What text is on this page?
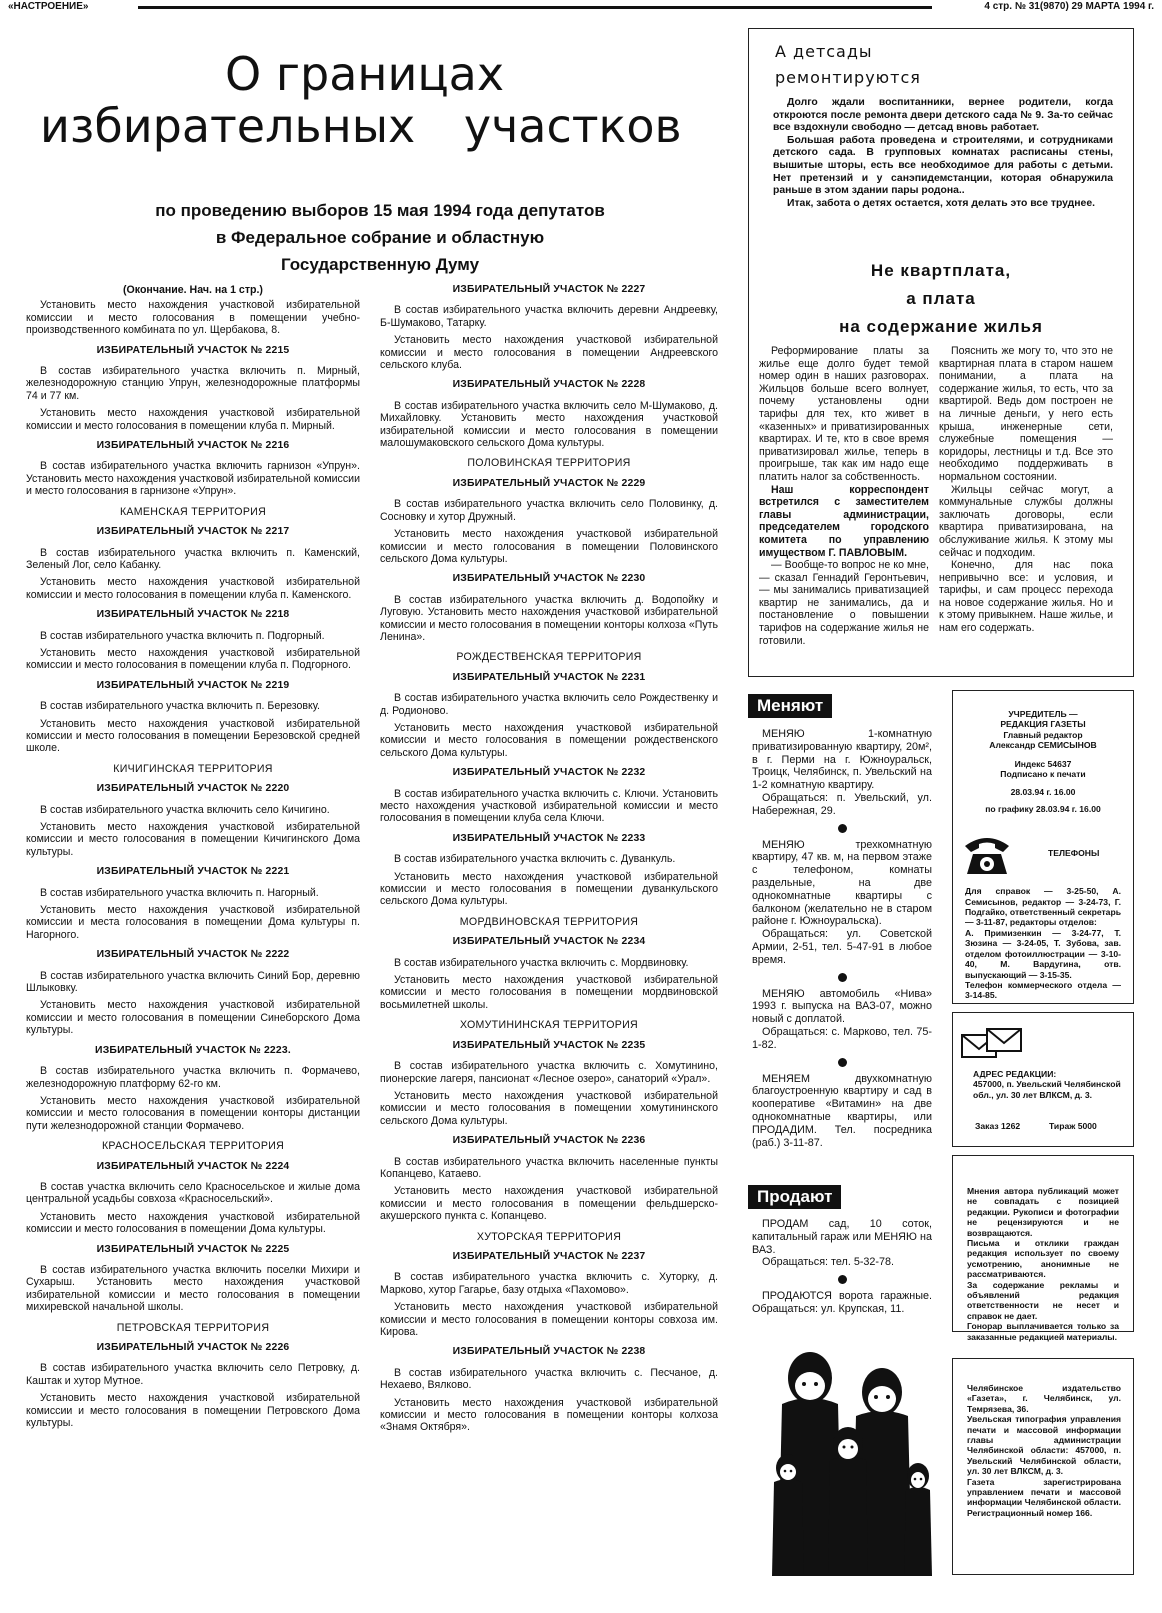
«НАСТРОЕНИЕ»	4 стр. № 31(9870) 29 МАРТА 1994 г.
О границах
избирательных участков
по проведению выборов 15 мая 1994 года депутатов
в Федеральное собрание и областную
Государственную Думу

(Окончание. Нач. на 1 стр.)

Установить место нахождения участковой избирательной комиссии и место голосования в помещении учебно-производственного комбината по ул. Щербакова, 8.

ИЗБИРАТЕЛЬНЫЙ УЧАСТОК № 2215

В состав избирательного участка включить п. Мирный, железнодорожную станцию Упрун, железнодорожные платформы 74 и 77 км.

Установить место нахождения участковой избирательной комиссии и место голосования в помещении клуба п. Мирный.

ИЗБИРАТЕЛЬНЫЙ УЧАСТОК № 2216

В состав избирательного участка включить гарнизон «Упрун». Установить место нахождения участковой избирательной комиссии и место голосования в гарнизоне «Упрун».

КАМЕНСКАЯ ТЕРРИТОРИЯ
ИЗБИРАТЕЛЬНЫЙ УЧАСТОК № 2217

В состав избирательного участка включить п. Каменский, Зеленый Лог, село Кабанку.

Установить место нахождения участковой избирательной комиссии и место голосования в помещении клуба п. Каменского.

ИЗБИРАТЕЛЬНЫЙ УЧАСТОК № 2218

В состав избирательного участка включить п. Подгорный.

Установить место нахождения участковой избирательной комиссии и место голосования в помещении клуба п. Подгорного.

ИЗБИРАТЕЛЬНЫЙ УЧАСТОК № 2219

В состав избирательного участка включить п. Березовку.

Установить место нахождения участковой избирательной комиссии и место голосования в помещении Березовской средней школе.

КИЧИГИНСКАЯ ТЕРРИТОРИЯ
ИЗБИРАТЕЛЬНЫЙ УЧАСТОК № 2220

В состав избирательного участка включить село Кичигино.

Установить место нахождения участковой избирательной комиссии и место голосования в помещении Кичигинского Дома культуры.

ИЗБИРАТЕЛЬНЫЙ УЧАСТОК № 2221

В состав избирательного участка включить п. Нагорный.

Установить место нахождения участковой избирательной комиссии и места голосования в помещении Дома культуры п. Нагорного.

ИЗБИРАТЕЛЬНЫЙ УЧАСТОК № 2222

В состав избирательного участка включить Синий Бор, деревню Шлыковку.

Установить место нахождения участковой избирательной комиссии и место голосования в помещении Синеборского Дома культуры.

ИЗБИРАТЕЛЬНЫЙ УЧАСТОК № 2223.

В состав избирательного участка включить п. Формачево, железнодорожную платформу 62-го км.

Установить место нахождения участковой избирательной комиссии и место голосования в помещении конторы дистанции пути железнодорожной станции Формачево.

КРАСНОСЕЛЬСКАЯ ТЕРРИТОРИЯ
ИЗБИРАТЕЛЬНЫЙ УЧАСТОК № 2224

В состав участка включить село Красносельское и жилые дома центральной усадьбы совхоза «Красносельский».

Установить место нахождения участковой избирательной комиссии и место голосования в помещении Дома культуры.

ИЗБИРАТЕЛЬНЫЙ УЧАСТОК № 2225

В состав избирательного участка включить поселки Михири и Сухарыш. Установить место нахождения участковой избирательной комиссии и место голосования в помещении михиревской начальной школы.

ПЕТРОВСКАЯ ТЕРРИТОРИЯ
ИЗБИРАТЕЛЬНЫЙ УЧАСТОК № 2226

В состав избирательного участка включить село Петровку, д. Каштак и хутор Мутное.

Установить место нахождения участковой избирательной комиссии и место голосования в помещении Петровского Дома культуры.

ИЗБИРАТЕЛЬНЫЙ УЧАСТОК № 2227

В состав избирательного участка включить деревни Андреевку, Б-Шумаково, Татарку.

Установить место нахождения участковой избирательной комиссии и место голосования в помещении Андреевского сельского клуба.

ИЗБИРАТЕЛЬНЫЙ УЧАСТОК № 2228

В состав избирательного участка включить село М-Шумаково, д. Михайловку. Установить место нахождения участковой избирательной комиссии и место голосования в помещении малошумаковского сельского Дома культуры.

ПОЛОВИНСКАЯ ТЕРРИТОРИЯ
ИЗБИРАТЕЛЬНЫЙ УЧАСТОК № 2229

В состав избирательного участка включить село Половинку, д. Сосновку и хутор Дружный.

Установить место нахождения участковой избирательной комиссии и место голосования в помещении Половинского сельского Дома культуры.

ИЗБИРАТЕЛЬНЫЙ УЧАСТОК № 2230

В состав избирательного участка включить д. Водопойку и Луговую. Установить место нахождения участковой избирательной комиссии и место голосования в помещении конторы колхоза «Путь Ленина».

РОЖДЕСТВЕНСКАЯ ТЕРРИТОРИЯ
ИЗБИРАТЕЛЬНЫЙ УЧАСТОК № 2231

В состав избирательного участка включить село Рождественку и д. Родионово.

Установить место нахождения участковой избирательной комиссии и место голосования в помещении рождественского сельского Дома культуры.

ИЗБИРАТЕЛЬНЫЙ УЧАСТОК № 2232

В состав избирательного участка включить с. Ключи. Установить место нахождения участковой избирательной комиссии и место голосования в помещении клуба села Ключи.

ИЗБИРАТЕЛЬНЫЙ УЧАСТОК № 2233

В состав избирательного участка включить с. Дуванкуль.

Установить место нахождения участковой избирательной комиссии и место голосования в помещении дуванкульского сельского Дома культуры.

МОРДВИНОВСКАЯ ТЕРРИТОРИЯ
ИЗБИРАТЕЛЬНЫЙ УЧАСТОК № 2234

В состав избирательного участка включить с. Мордвиновку.

Установить место нахождения участковой избирательной комиссии и место голосования в помещении мордвиновской восьмилетней школы.

ХОМУТИНИНСКАЯ ТЕРРИТОРИЯ
ИЗБИРАТЕЛЬНЫЙ УЧАСТОК № 2235

В состав избирательного участка включить с. Хомутинино, пионерские лагеря, пансионат «Лесное озеро», санаторий «Урал».

Установить место нахождения участковой избирательной комиссии и место голосования в помещении хомутининского сельского Дома культуры.

ИЗБИРАТЕЛЬНЫЙ УЧАСТОК № 2236

В состав избирательного участка включить населенные пункты Копанцево, Катаево.

Установить место нахождения участковой избирательной комиссии и место голосования в помещении фельдшерско-акушерского пункта с. Копанцево.

ХУТОРСКАЯ ТЕРРИТОРИЯ
ИЗБИРАТЕЛЬНЫЙ УЧАСТОК № 2237

В состав избирательного участка включить с. Хуторку, д. Марково, хутор Гагарье, базу отдыха «Пахомово».

Установить место нахождения участковой избирательной комиссии и место голосования в помещении конторы совхоза им. Кирова.

ИЗБИРАТЕЛЬНЫЙ УЧАСТОК № 2238

В состав избирательного участка включить с. Песчаное, д. Нехаево, Вялково.

Установить место нахождения участковой избирательной комиссии и место голосования в помещении конторы колхоза «Знамя Октября».

А детсады
ремонтируются

Долго ждали воспитанники, вернее родители, когда откроются после ремонта двери детского сада № 9. За-то сейчас все вздохнули свободно — детсад вновь работает.

Большая работа проведена и строителями, и сотрудниками детского сада. В групповых комнатах расписаны стены, вышитые шторы, есть все необходимое для работы с детьми. Нет претензий и у санэпидемстанции, которая обнаружила раньше в этом здании пары родона..

Итак, забота о детях остается, хотя делать это все труднее.

Не квартплата,
а плата
на содержание жилья

Реформирование платы за жилье еще долго будет темой номер один в наших разговорах. Жильцов больше всего волнует, почему установлены одни тарифы для тех, кто живет в «казенных» и приватизированных квартирах. И те, кто в свое время приватизировал жилье, теперь в проигрыше, так как им надо еще платить налог за собственность.

Наш корреспондент встретился с заместителем главы администрации, председателем городского комитета по управлению имуществом Г. ПАВЛОВЫМ.

— Вообще-то вопрос не ко мне, — сказал Геннадий Геронтьевич, — мы занимались приватизацией квартир не занимались, да и постановление о повышении тарифов на содержание жилья не готовили.

Пояснить же могу то, что это не квартирная плата в старом нашем понимании, а плата на содержание жилья, то есть, что за квартирой. Ведь дом построен не на личные деньги, у него есть крыша, инженерные сети, служебные помещения — коридоры, лестницы и т.д. Все это необходимо поддерживать в нормальном состоянии.

Жильцы сейчас могут, а коммунальные службы должны заключать договоры, если квартира приватизирована, на обслуживание жилья. К этому мы сейчас и подходим.

Конечно, для нас пока непривычно все: и условия, и тарифы, и сам процесс перехода на новое содержание жилья. Но и к этому привыкнем. Наше жилье, и нам его содержать.

Меняют

МЕНЯЮ 1-комнатную приватизированную квартиру, 20м², в г. Перми на г. Южноуральск, Троицк, Челябинск, п. Увельский на 1-2 комнатную квартиру.

Обращаться: п. Увельский, ул. Набережная, 29.

МЕНЯЮ трехкомнатную квартиру, 47 кв. м, на первом этаже с телефоном, комнаты раздельные, на две однокомнатные квартиры с балконом (желательно не в старом районе г. Южноуральска).

Обращаться: ул. Советской Армии, 2-51, тел. 5-47-91 в любое время.

МЕНЯЮ автомобиль «Нива» 1993 г. выпуска на ВАЗ-07, можно новый с доплатой.

Обращаться: с. Марково, тел. 75-1-82.

МЕНЯЕМ двухкомнатную благоустроенную квартиру и сад в кооперативе «Витамин» на две однокомнатные квартиры, или ПРОДАДИМ. Тел. посредника (раб.) 3-11-87.

Продают

ПРОДАМ сад, 10 соток, капитальный гараж или МЕНЯЮ на ВАЗ.

Обращаться: тел. 5-32-78.

ПРОДАЮТСЯ ворота гаражные. Обращаться: ул. Крупская, 11.

УЧРЕДИТЕЛЬ —
РЕДАКЦИЯ ГАЗЕТЫ
Главный редактор
Александр СЕМИСЫНОВ
Индекс 54637
Подписано к печати
28.03.94 г. 16.00
по графику 28.03.94 г. 16.00
ТЕЛЕФОНЫ
Для справок — 3-25-50, А. Семисынов, редактор — 3-24-73, Г. Подгайко, ответственный секретарь — 3-11-87, редакторы отделов:
А. Примизенкин — 3-24-77, Т. Зюзина — 3-24-05, Т. Зубова, зав. отделом фотоиллюстрации — 3-10-40, М. Вардугина, отв. выпускающий — 3-15-35.
Телефон коммерческого отдела — 3-14-85.
АДРЕС РЕДАКЦИИ:
457000, п. Увельский Челябинской обл., ул. 30 лет ВЛКСМ, д. 3.
Заказ 1262	Тираж 5000
Мнения автора публикаций может не совпадать с позицией редакции. Рукописи и фотографии не рецензируются и не возвращаются.
Письма и отклики граждан редакция использует по своему усмотрению, анонимные не рассматриваются.
За содержание рекламы и объявлений редакция ответственности не несет и справок не дает.
Гонорар выплачивается только за заказанные редакцией материалы.
Челябинское издательство «Газета», г. Челябинск, ул. Темрязева, 36.
Увельская типография управления печати и массовой информации главы администрации Челябинской области: 457000, п. Увельский Челябинской области, ул. 30 лет ВЛКСМ, д. 3.
Газета зарегистрирована управлением печати и массовой информации Челябинской области. Регистрационный номер 166.
